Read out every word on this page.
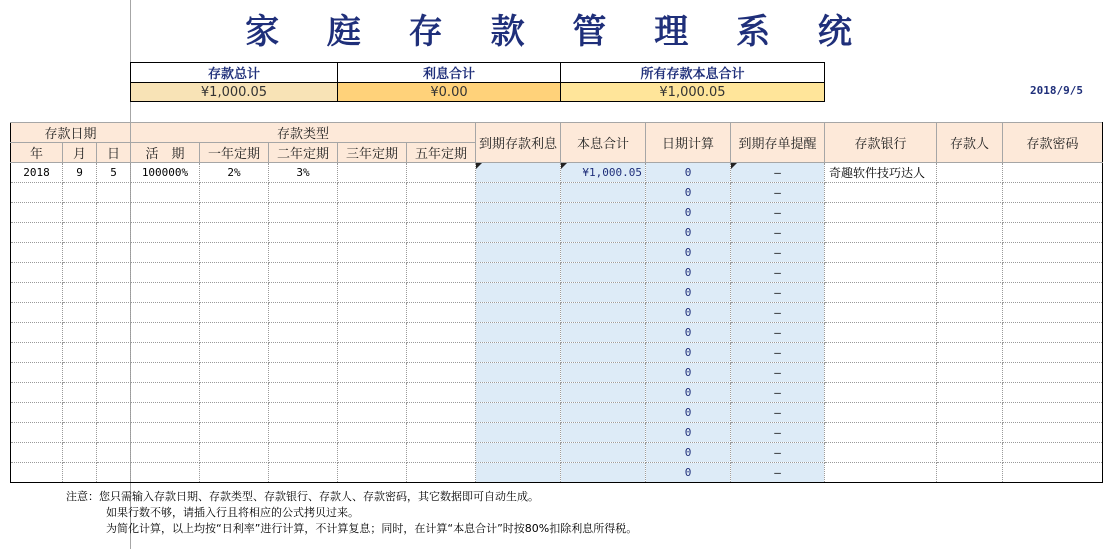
家 庭 存 款 管 理 系 统
存款总计	利息合计	所有存款本息合计
¥1,000.05	¥0.00	¥1,000.05	2018/9/5
存款日期			存款类型					到期存款利息	本息合计	日期计算	到期存单提醒	存款银行	存款人	存款密码
年	月	日	活　期	一年定期	二年定期	三年定期	五年定期							
2018	9	5	100000%	2%	3%				¥1,000.05	0	–	奇趣软件技巧达人		
										0	–			
										0	–			
										0	–			
										0	–			
										0	–			
										0	–			
										0	–			
										0	–			
										0	–			
										0	–			
										0	–			
										0	–			
										0	–			
										0	–			
										0	–			
注意：您只需输入存款日期、存款类型、存款银行、存款人、存款密码，其它数据即可自动生成。
如果行数不够，请插入行且将相应的公式拷贝过来。
为简化计算，以上均按“日利率”进行计算，不计算复息；同时，在计算“本息合计”时按80%扣除利息所得税。
